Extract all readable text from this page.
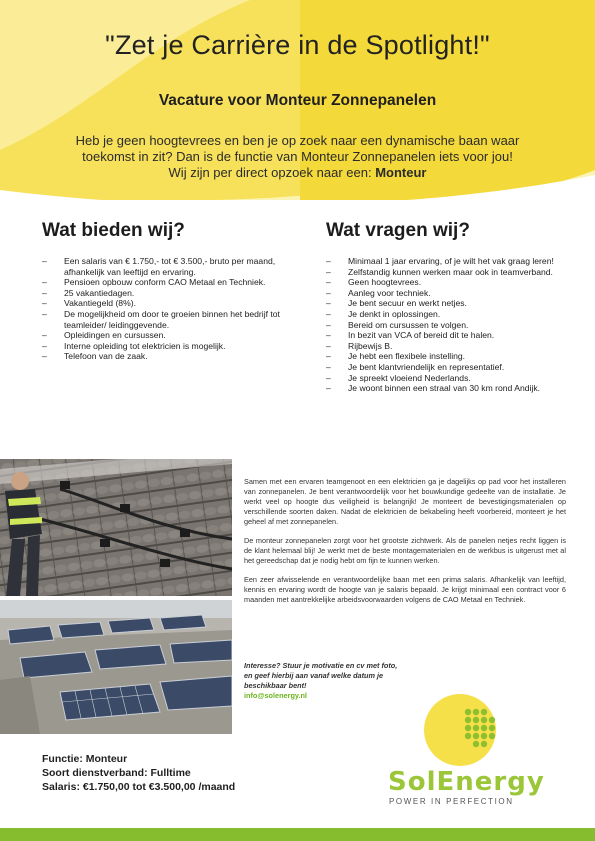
"Zet je Carrière in de Spotlight!"
Vacature voor Monteur Zonnepanelen
Heb je geen hoogtevrees en ben je op zoek naar een dynamische baan waar
toekomst in zit? Dan is de functie van Monteur Zonnepanelen iets voor jou!
Wij zijn per direct opzoek naar een: Monteur
Wat bieden wij?
– Een salaris van € 1.750,- tot € 3.500,- bruto per maand, afhankelijk van leeftijd en ervaring.
– Pensioen opbouw conform CAO Metaal en Techniek.
– 25 vakantiedagen.
– Vakantiegeld (8%).
– De mogelijkheid om door te groeien binnen het bedrijf tot teamleider/ leidinggevende.
– Opleidingen en cursussen.
– Interne opleiding tot elektricien is mogelijk.
– Telefoon van de zaak.
Wat vragen wij?
– Minimaal 1 jaar ervaring, of je wilt het vak graag leren!
– Zelfstandig kunnen werken maar ook in teamverband.
– Geen hoogtevrees.
– Aanleg voor techniek.
– Je bent secuur en werkt netjes.
– Je denkt in oplossingen.
– Bereid om cursussen te volgen.
– In bezit van VCA of bereid dit te halen.
– Rijbewijs B.
– Je hebt een flexibele instelling.
– Je bent klantvriendelijk en representatief.
– Je spreekt vloeiend Nederlands.
– Je woont binnen een straal van 30 km rond Andijk.

Samen met een ervaren teamgenoot en een elektricien ga je dagelijks op pad voor het installeren van zonnepanelen. Je bent verantwoordelijk voor het bouwkundige gedeelte van de installatie. Je werkt veel op hoogte dus veiligheid is belangrijk! Je monteert de bevestigingsmaterialen op verschillende soorten daken. Nadat de elektricien de bekabeling heeft voorbereid, monteert je het geheel af met zonnepanelen.

De monteur zonnepanelen zorgt voor het grootste zichtwerk. Als de panelen netjes recht liggen is de klant helemaal blij! Je werkt met de beste montagematerialen en de werkbus is uitgerust met al het gereedschap dat je nodig hebt om fijn te kunnen werken.

Een zeer afwisselende en verantwoordelijke baan met een prima salaris. Afhankelijk van leeftijd, kennis en ervaring wordt de hoogte van je salaris bepaald. Je krijgt minimaal een contract voor 6 maanden met aantrekkelijke arbeidsvoorwaarden volgens de CAO Metaal en Techniek.

Interesse? Stuur je motivatie en cv met foto, en geef hierbij aan vanaf welke datum je beschikbaar bent!
info@solenergy.nl
Functie: Monteur
Soort dienstverband: Fulltime
Salaris: €1.750,00 tot €3.500,00 /maand	SolEnergy
POWER IN PERFECTION
